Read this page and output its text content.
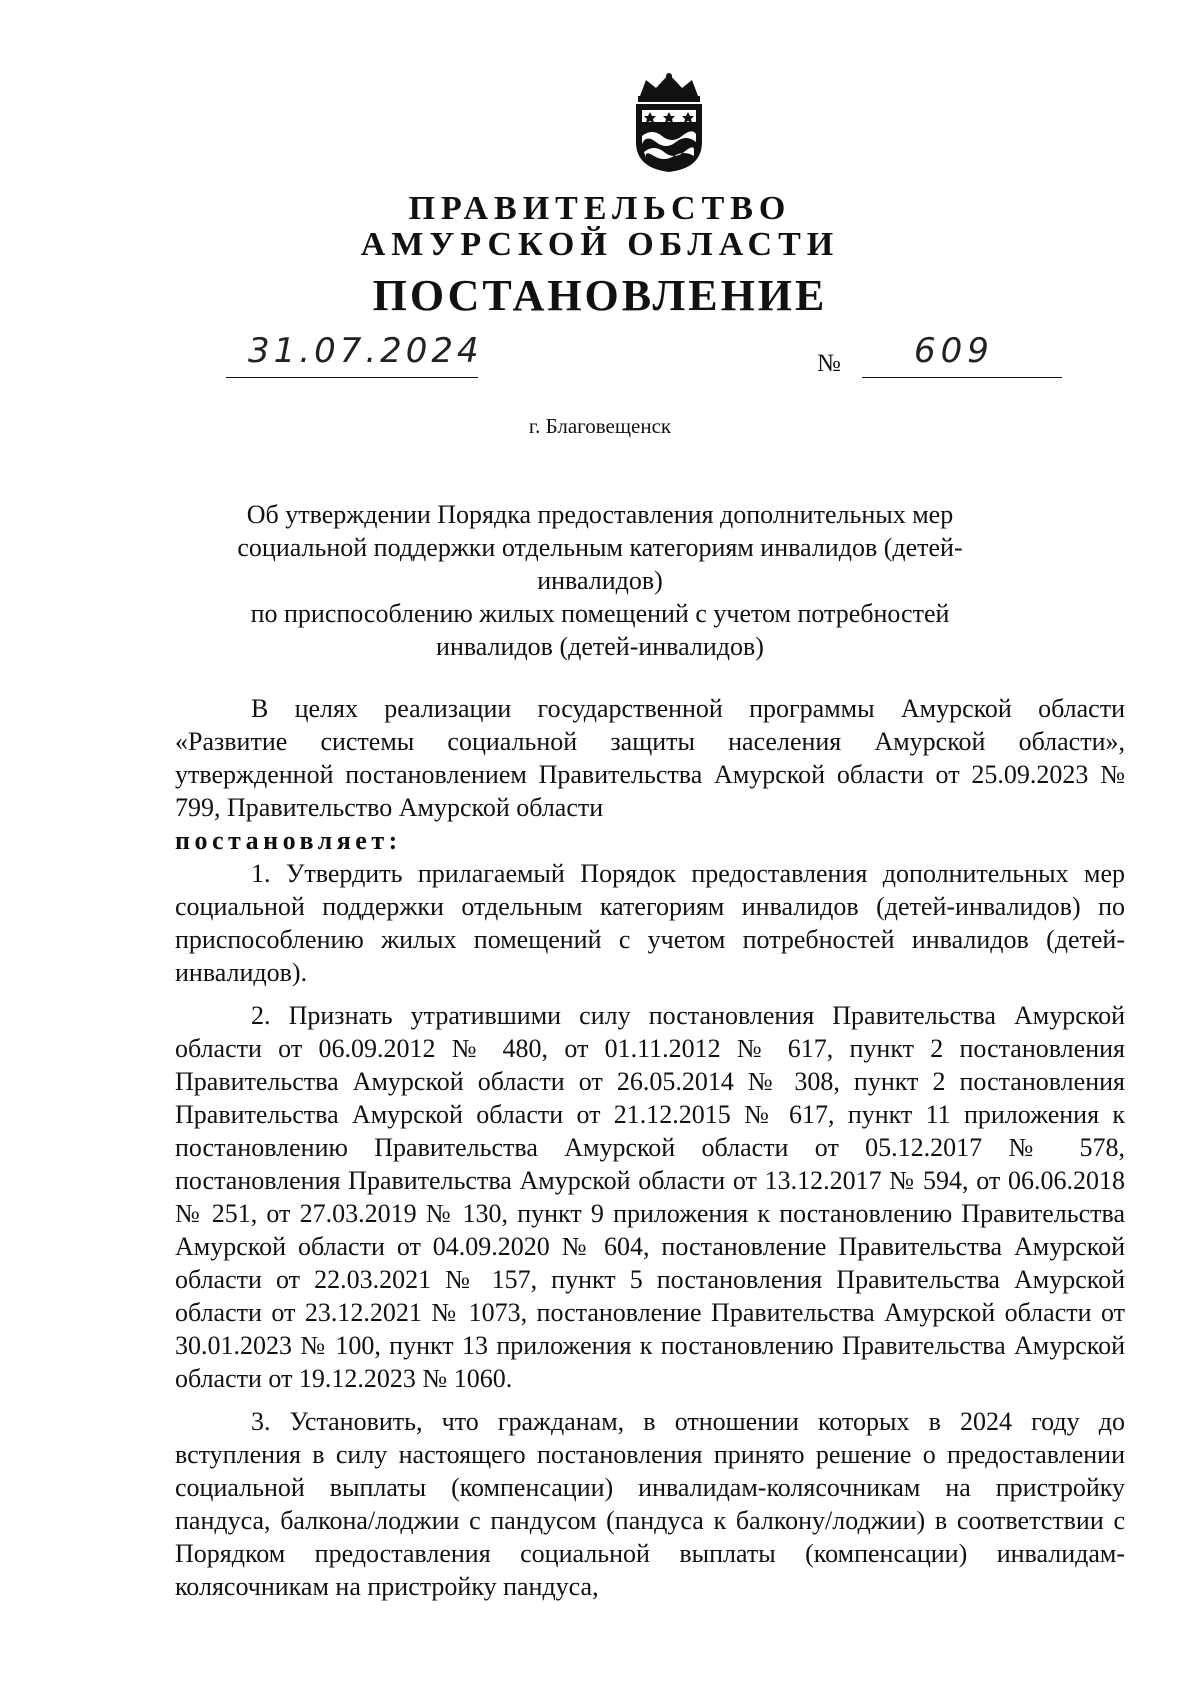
ПРАВИТЕЛЬСТВО
АМУРСКОЙ ОБЛАСТИ
ПОСТАНОВЛЕНИЕ
31.07.2024	№ 609
г. Благовещенск
Об утверждении Порядка предоставления дополнительных мер
социальной поддержки отдельным категориям инвалидов (детей-инвалидов)
по приспособлению жилых помещений с учетом потребностей
инвалидов (детей-инвалидов)

В целях реализации государственной программы Амурской области «Развитие системы социальной защиты населения Амурской области», утвержденной постановлением Правительства Амурской области от 25.09.2023 № 799, Правительство Амурской области

постановляет:

1. Утвердить прилагаемый Порядок предоставления дополнительных мер социальной поддержки отдельным категориям инвалидов (детей-инвалидов) по приспособлению жилых помещений с учетом потребностей инвалидов (детей-инвалидов).

2. Признать утратившими силу постановления Правительства Амурской области от 06.09.2012 № 480, от 01.11.2012 № 617, пункт 2 постановления Правительства Амурской области от 26.05.2014 № 308, пункт 2 постановления Правительства Амурской области от 21.12.2015 № 617, пункт 11 приложения к постановлению Правительства Амурской области от 05.12.2017 № 578, постановления Правительства Амурской области от 13.12.2017 № 594, от 06.06.2018 № 251, от 27.03.2019 № 130, пункт 9 приложения к постановлению Правительства Амурской области от 04.09.2020 № 604, постановление Правительства Амурской области от 22.03.2021 № 157, пункт 5 постановления Правительства Амурской области от 23.12.2021 № 1073, постановление Правительства Амурской области от 30.01.2023 № 100, пункт 13 приложения к постановлению Правительства Амурской области от 19.12.2023 № 1060.

3. Установить, что гражданам, в отношении которых в 2024 году до вступления в силу настоящего постановления принято решение о предоставлении социальной выплаты (компенсации) инвалидам-колясочникам на пристройку пандуса, балкона/лоджии с пандусом (пандуса к балкону/лоджии) в соответствии с Порядком предоставления социальной выплаты (компенсации) инвалидам-колясочникам на пристройку пандуса,
